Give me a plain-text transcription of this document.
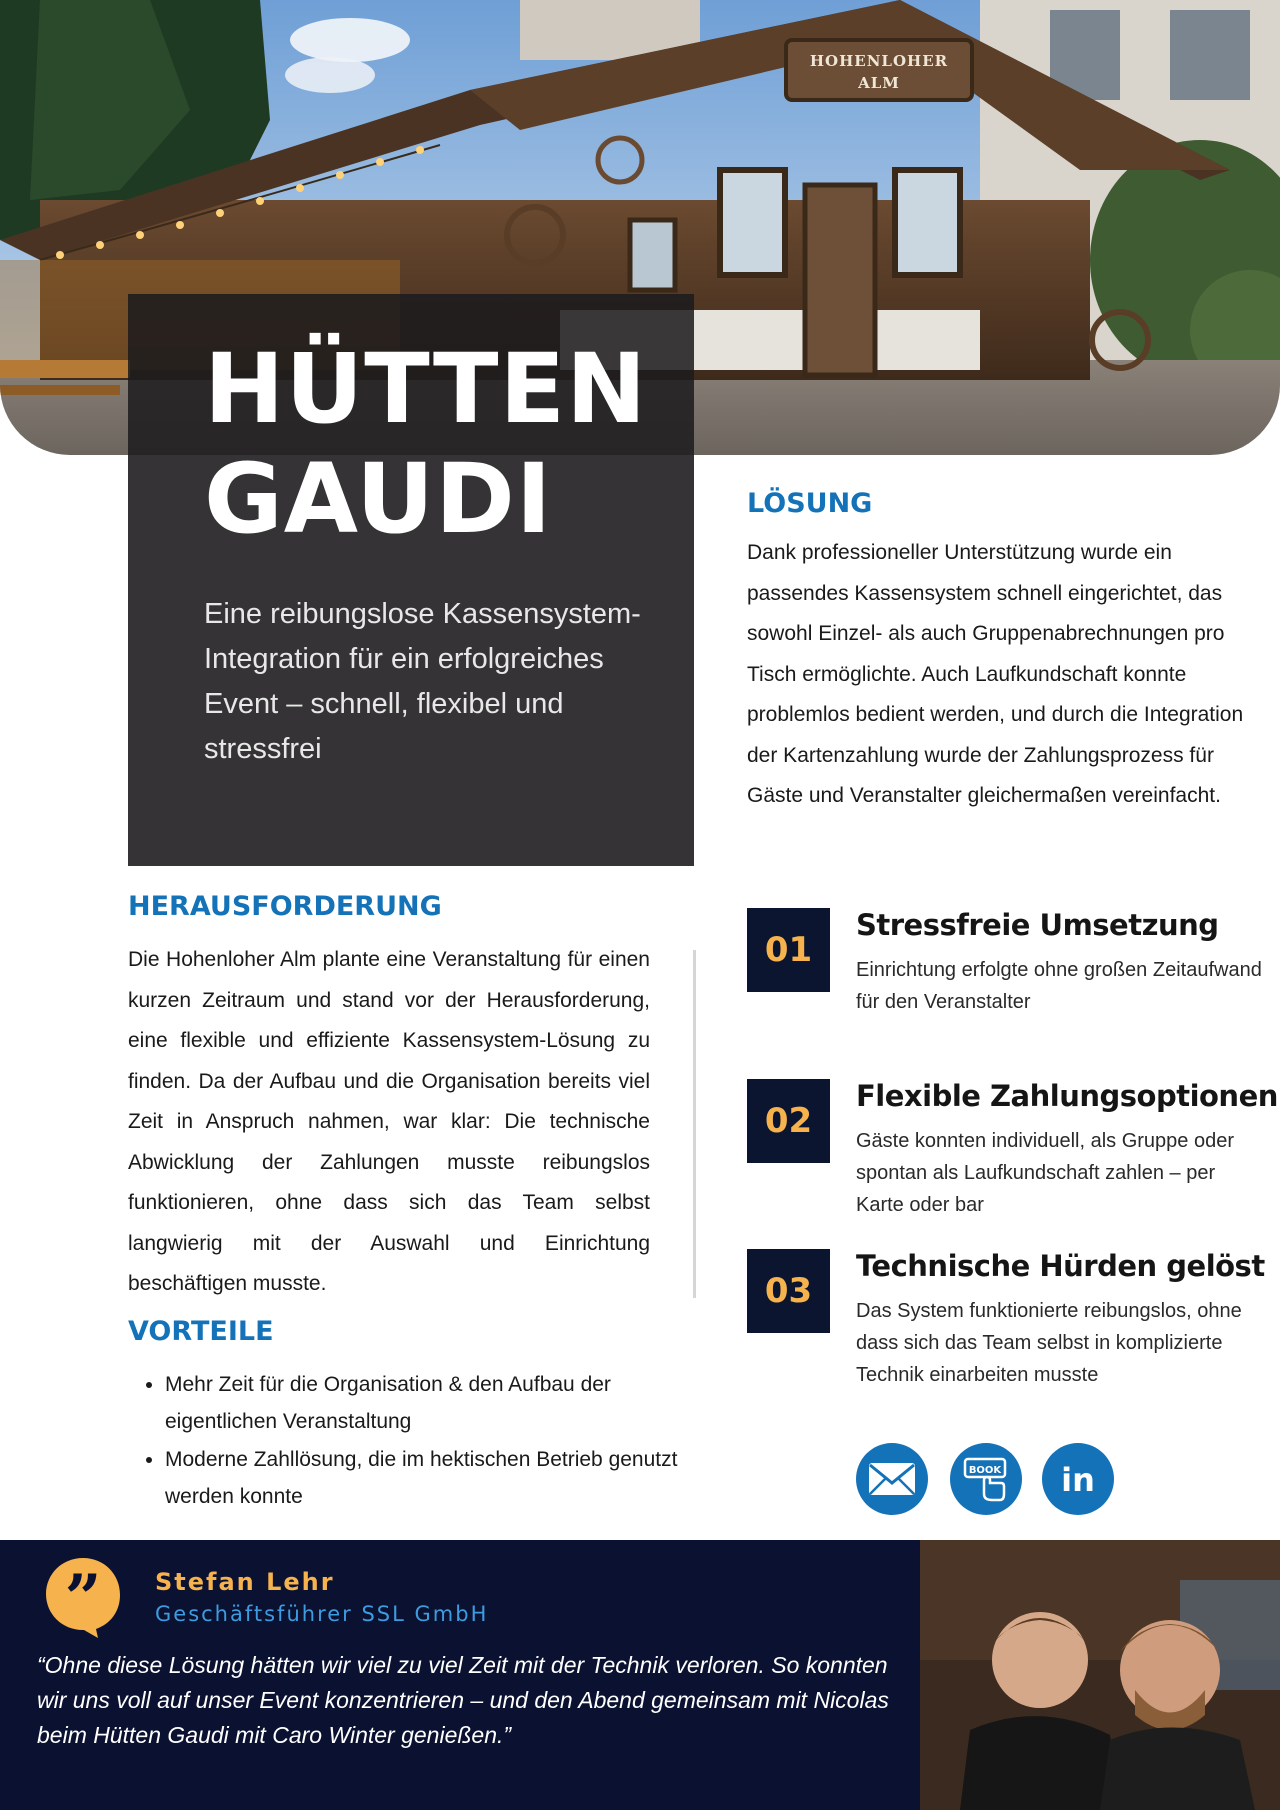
HOHENLOHER
ALM
HÜTTEN
GAUDI

Eine reibungslose Kassensystem-Integration für ein erfolgreiches Event – schnell, flexibel und stressfrei

LÖSUNG

Dank professioneller Unterstützung wurde ein passendes Kassensystem schnell eingerichtet, das sowohl Einzel- als auch Gruppenabrechnungen pro Tisch ermöglichte. Auch Laufkundschaft konnte problemlos bedient werden, und durch die Integration der Kartenzahlung wurde der Zahlungsprozess für Gäste und Veranstalter gleichermaßen vereinfacht.

HERAUSFORDERUNG

Die Hohenloher Alm plante eine Veranstaltung für einen kurzen Zeitraum und stand vor der Herausforderung, eine flexible und effiziente Kassensystem-Lösung zu finden. Da der Aufbau und die Organisation bereits viel Zeit in Anspruch nahmen, war klar: Die technische Abwicklung der Zahlungen musste reibungslos funktionieren, ohne dass sich das Team selbst langwierig mit der Auswahl und Einrichtung beschäftigen musste.

VORTEILE
• Mehr Zeit für die Organisation & den Aufbau der eigentlichen Veranstaltung
• Moderne Zahllösung, die im hektischen Betrieb genutzt werden konnte
01
Stressfreie Umsetzung

Einrichtung erfolgte ohne großen Zeitaufwand für den Veranstalter

02
Flexible Zahlungsoptionen

Gäste konnten individuell, als Gruppe oder spontan als Laufkundschaft zahlen – per Karte oder bar

03
Technische Hürden gelöst

Das System funktionierte reibungslos, ohne dass sich das Team selbst in komplizierte Technik einarbeiten musste

BOOK in
” Stefan Lehr

Geschäftsführer SSL GmbH

“Ohne diese Lösung hätten wir viel zu viel Zeit mit der Technik verloren. So konnten wir uns voll auf unser Event konzentrieren – und den Abend gemeinsam mit Nicolas beim Hütten Gaudi mit Caro Winter genießen.”
